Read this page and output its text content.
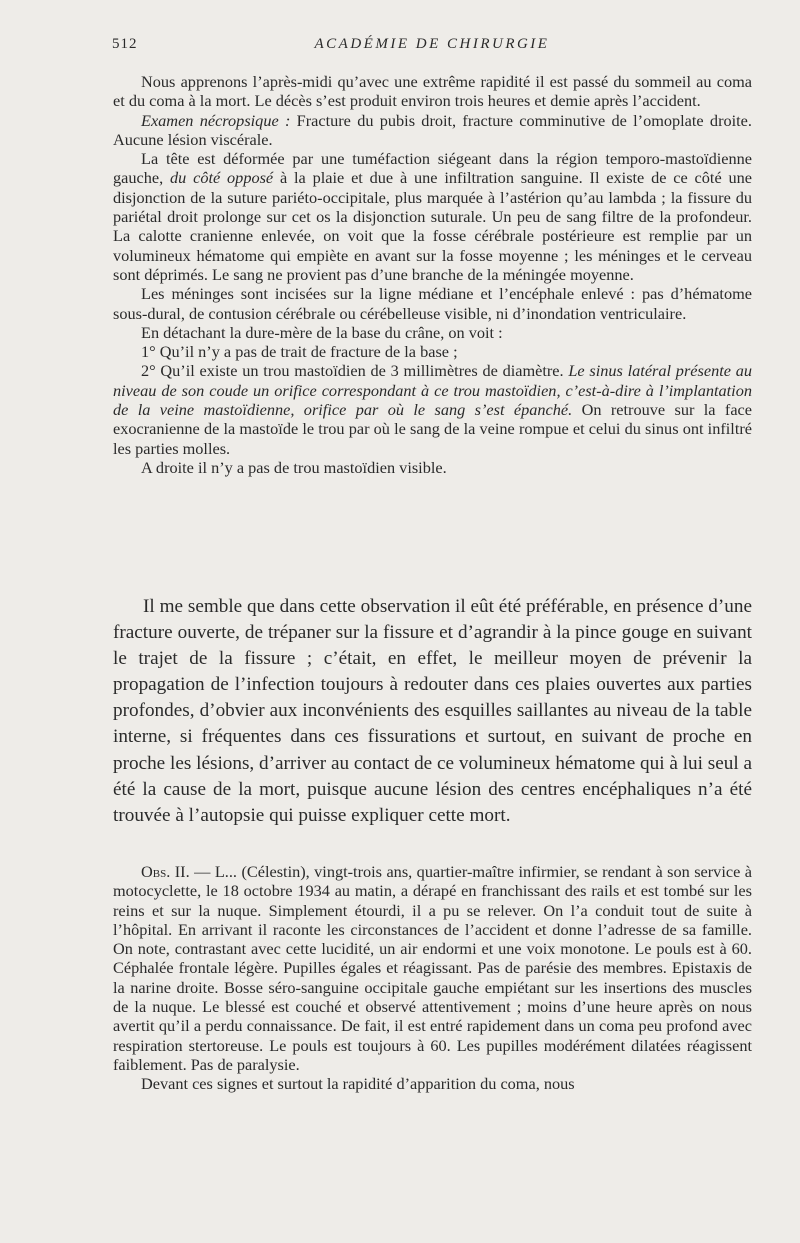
512	ACADÉMIE DE CHIRURGIE

Nous apprenons l’après-midi qu’avec une extrême rapidité il est passé du sommeil au coma et du coma à la mort. Le décès s’est produit environ trois heures et demie après l’accident.

Examen nécropsique : Fracture du pubis droit, fracture comminutive de l’omoplate droite. Aucune lésion viscérale.

La tête est déformée par une tuméfaction siégeant dans la région temporo-mastoïdienne gauche, du côté opposé à la plaie et due à une infiltration sanguine. Il existe de ce côté une disjonction de la suture pariéto-occipitale, plus marquée à l’astérion qu’au lambda ; la fissure du pariétal droit prolonge sur cet os la disjonction suturale. Un peu de sang filtre de la profondeur. La calotte cranienne enlevée, on voit que la fosse cérébrale postérieure est remplie par un volumineux hématome qui empiète en avant sur la fosse moyenne ; les méninges et le cerveau sont déprimés. Le sang ne provient pas d’une branche de la méningée moyenne.

Les méninges sont incisées sur la ligne médiane et l’encéphale enlevé : pas d’hématome sous-dural, de contusion cérébrale ou cérébelleuse visible, ni d’inondation ventriculaire.

En détachant la dure-mère de la base du crâne, on voit :

1° Qu’il n’y a pas de trait de fracture de la base ;

2° Qu’il existe un trou mastoïdien de 3 millimètres de diamètre. Le sinus latéral présente au niveau de son coude un orifice correspondant à ce trou mastoïdien, c’est-à-dire à l’implantation de la veine mastoïdienne, orifice par où le sang s’est épanché. On retrouve sur la face exocranienne de la mastoïde le trou par où le sang de la veine rompue et celui du sinus ont infiltré les parties molles.

A droite il n’y a pas de trou mastoïdien visible.

Il me semble que dans cette observation il eût été préférable, en présence d’une fracture ouverte, de trépaner sur la fissure et d’agrandir à la pince gouge en suivant le trajet de la fissure ; c’était, en effet, le meilleur moyen de prévenir la propagation de l’infection toujours à redouter dans ces plaies ouvertes aux parties profondes, d’obvier aux inconvénients des esquilles saillantes au niveau de la table interne, si fréquentes dans ces fissurations et surtout, en suivant de proche en proche les lésions, d’arriver au contact de ce volumineux hématome qui à lui seul a été la cause de la mort, puisque aucune lésion des centres encéphaliques n’a été trouvée à l’autopsie qui puisse expliquer cette mort.

Obs. II. — L... (Célestin), vingt-trois ans, quartier-maître infirmier, se rendant à son service à motocyclette, le 18 octobre 1934 au matin, a dérapé en franchissant des rails et est tombé sur les reins et sur la nuque. Simplement étourdi, il a pu se relever. On l’a conduit tout de suite à l’hôpital. En arrivant il raconte les circonstances de l’accident et donne l’adresse de sa famille. On note, contrastant avec cette lucidité, un air endormi et une voix monotone. Le pouls est à 60. Céphalée frontale légère. Pupilles égales et réagissant. Pas de parésie des membres. Epistaxis de la narine droite. Bosse séro-sanguine occipitale gauche empiétant sur les insertions des muscles de la nuque. Le blessé est couché et observé attentivement ; moins d’une heure après on nous avertit qu’il a perdu connaissance. De fait, il est entré rapidement dans un coma peu profond avec respiration stertoreuse. Le pouls est toujours à 60. Les pupilles modérément dilatées réagissent faiblement. Pas de paralysie.

Devant ces signes et surtout la rapidité d’apparition du coma, nous
